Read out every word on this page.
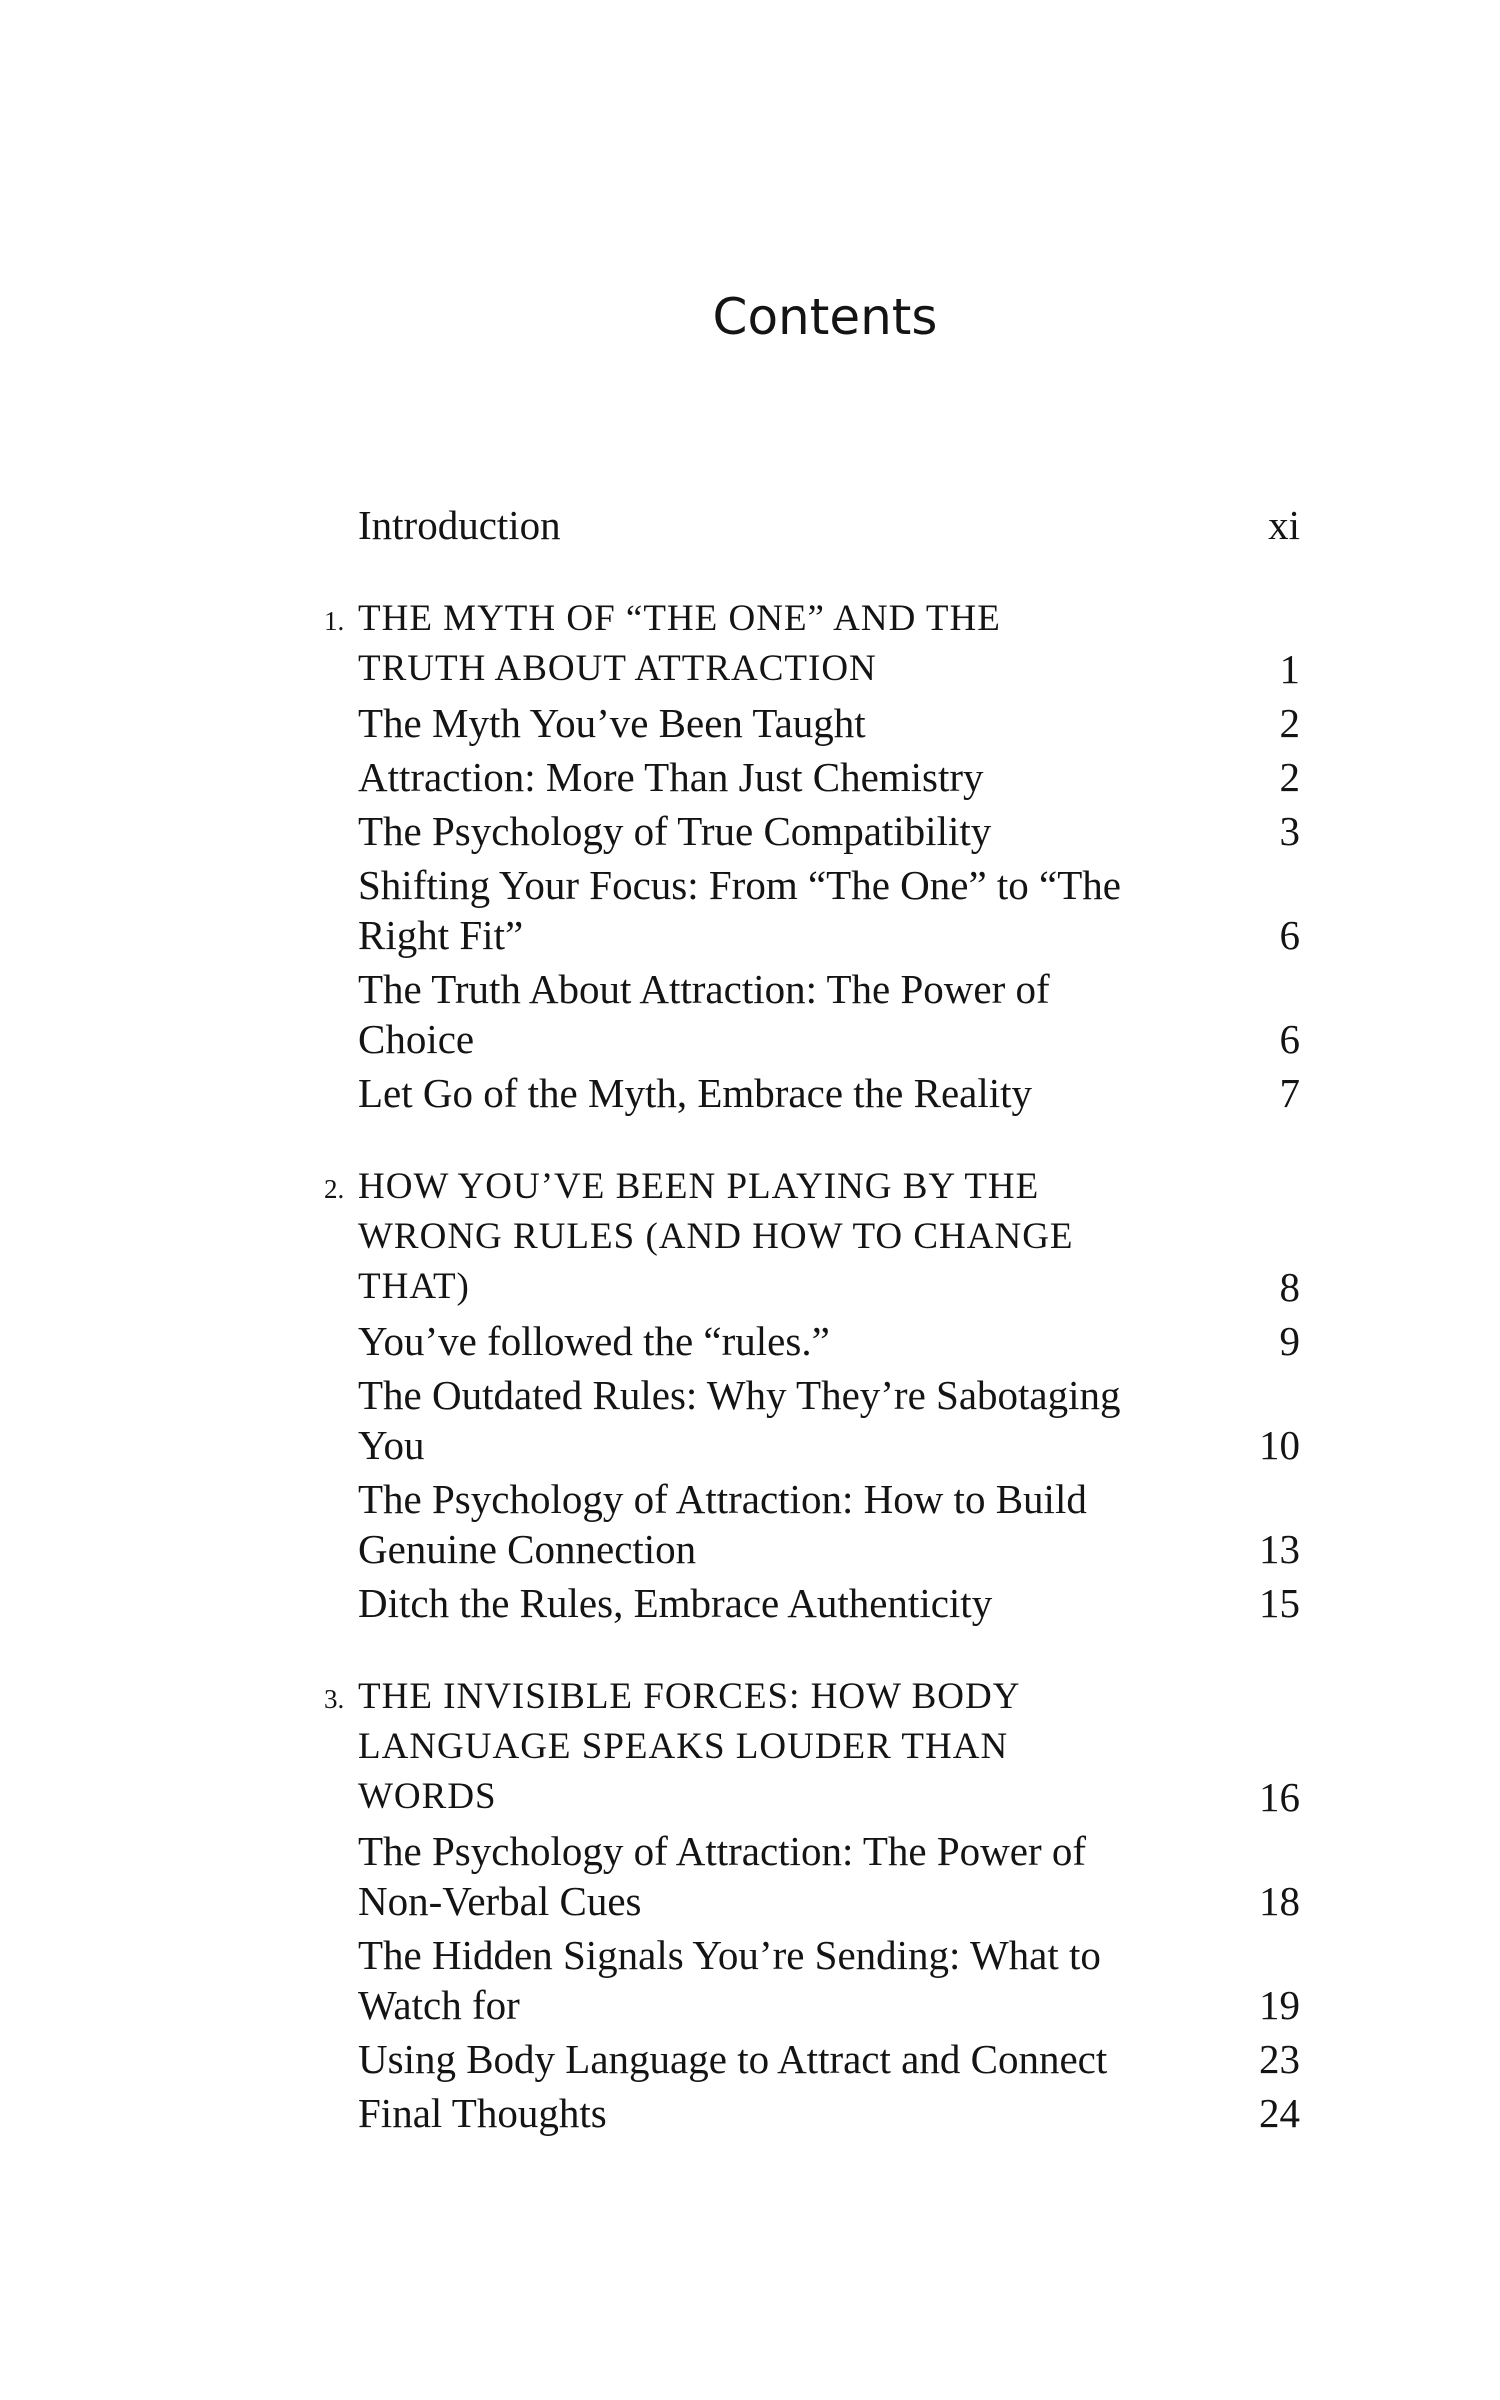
Contents
Introduction	xi
1. THE MYTH OF “THE ONE” AND THE TRUTH ABOUT ATTRACTION	1
The Myth You’ve Been Taught	2
Attraction: More Than Just Chemistry	2
The Psychology of True Compatibility	3
Shifting Your Focus: From “The One” to “The Right Fit”	6
The Truth About Attraction: The Power of Choice	6
Let Go of the Myth, Embrace the Reality	7
2. HOW YOU’VE BEEN PLAYING BY THE WRONG RULES (AND HOW TO CHANGE THAT)	8
You’ve followed the “rules.”	9
The Outdated Rules: Why They’re Sabotaging You	10
The Psychology of Attraction: How to Build Genuine Connection	13
Ditch the Rules, Embrace Authenticity	15
3. THE INVISIBLE FORCES: HOW BODY LANGUAGE SPEAKS LOUDER THAN WORDS	16
The Psychology of Attraction: The Power of Non-Verbal Cues	18
The Hidden Signals You’re Sending: What to Watch for	19
Using Body Language to Attract and Connect	23
Final Thoughts	24
